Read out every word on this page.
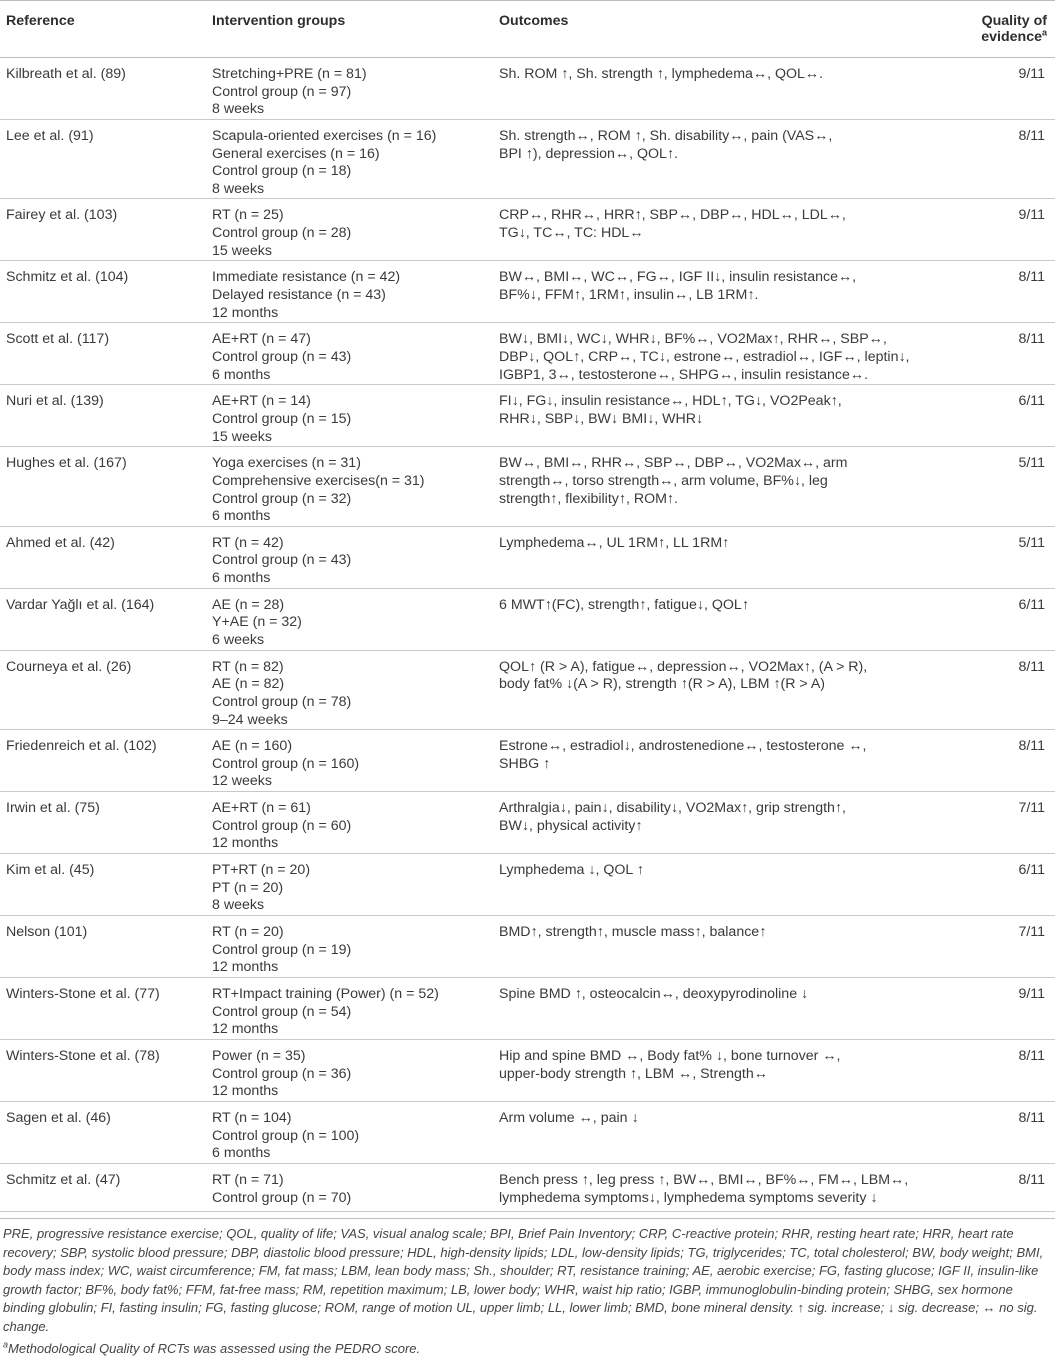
Reference	Intervention groups	Outcomes	Quality of
evidence$^a$

Kilbreath et al. (89)	Stretching+PRE (n = 81)
Control group (n = 97)
8 weeks	Sh. ROM ↑, Sh. strength ↑, lymphedema↔, QOL↔.	9/11
Lee et al. (91)	Scapula-oriented exercises (n = 16)
General exercises (n = 16)
Control group (n = 18)
8 weeks	Sh. strength↔, ROM ↑, Sh. disability↔, pain (VAS↔,
BPI ↑), depression↔, QOL↑.	8/11
Fairey et al. (103)	RT (n = 25)
Control group (n = 28)
15 weeks	CRP↔, RHR↔, HRR↑, SBP↔, DBP↔, HDL↔, LDL↔,
TG↓, TC↔, TC: HDL↔	9/11
Schmitz et al. (104)	Immediate resistance (n = 42)
Delayed resistance (n = 43)
12 months	BW↔, BMI↔, WC↔, FG↔, IGF II↓, insulin resistance↔,
BF%↓, FFM↑, 1RM↑, insulin↔, LB 1RM↑.	8/11
Scott et al. (117)	AE+RT (n = 47)
Control group (n = 43)
6 months	BW↓, BMI↓, WC↓, WHR↓, BF%↔, VO2Max↑, RHR↔, SBP↔,
DBP↓, QOL↑, CRP↔, TC↓, estrone↔, estradiol↔, IGF↔, leptin↓,
IGBP1, 3↔, testosterone↔, SHPG↔, insulin resistance↔.	8/11
Nuri et al. (139)	AE+RT (n = 14)
Control group (n = 15)
15 weeks	FI↓, FG↓, insulin resistance↔, HDL↑, TG↓, VO2Peak↑,
RHR↓, SBP↓, BW↓ BMI↓, WHR↓	6/11
Hughes et al. (167)	Yoga exercises (n = 31)
Comprehensive exercises(n = 31)
Control group (n = 32)
6 months	BW↔, BMI↔, RHR↔, SBP↔, DBP↔, VO2Max↔, arm
strength↔, torso strength↔, arm volume, BF%↓, leg
strength↑, flexibility↑, ROM↑.	5/11
Ahmed et al. (42)	RT (n = 42)
Control group (n = 43)
6 months	Lymphedema↔, UL 1RM↑, LL 1RM↑	5/11
Vardar Yağlı et al. (164)	AE (n = 28)
Y+AE (n = 32)
6 weeks	6 MWT↑(FC), strength↑, fatigue↓, QOL↑	6/11
Courneya et al. (26)	RT (n = 82)
AE (n = 82)
Control group (n = 78)
9–24 weeks	QOL↑ (R > A), fatigue↔, depression↔, VO2Max↑, (A > R),
body fat% ↓(A > R), strength ↑(R > A), LBM ↑(R > A)	8/11
Friedenreich et al. (102)	AE (n = 160)
Control group (n = 160)
12 weeks	Estrone↔, estradiol↓, androstenedione↔, testosterone ↔,
SHBG ↑	8/11
Irwin et al. (75)	AE+RT (n = 61)
Control group (n = 60)
12 months	Arthralgia↓, pain↓, disability↓, VO2Max↑, grip strength↑,
BW↓, physical activity↑	7/11
Kim et al. (45)	PT+RT (n = 20)
PT (n = 20)
8 weeks	Lymphedema ↓, QOL ↑	6/11
Nelson (101)	RT (n = 20)
Control group (n = 19)
12 months	BMD↑, strength↑, muscle mass↑, balance↑	7/11
Winters-Stone et al. (77)	RT+Impact training (Power) (n = 52)
Control group (n = 54)
12 months	Spine BMD ↑, osteocalcin↔, deoxypyrodinoline ↓	9/11
Winters-Stone et al. (78)	Power (n = 35)
Control group (n = 36)
12 months	Hip and spine BMD ↔, Body fat% ↓, bone turnover ↔,
upper-body strength ↑, LBM ↔, Strength↔	8/11
Sagen et al. (46)	RT (n = 104)
Control group (n = 100)
6 months	Arm volume ↔, pain ↓	8/11
Schmitz et al. (47)	RT (n = 71)
Control group (n = 70)	Bench press ↑, leg press ↑, BW↔, BMI↔, BF%↔, FM↔, LBM↔,
lymphedema symptoms↓, lymphedema symptoms severity ↓	8/11

PRE, progressive resistance exercise; QOL, quality of life; VAS, visual analog scale; BPI, Brief Pain Inventory; CRP, C-reactive protein; RHR, resting heart rate; HRR, heart rate recovery; SBP, systolic blood pressure; DBP, diastolic blood pressure; HDL, high-density lipids; LDL, low-density lipids; TG, triglycerides; TC, total cholesterol; BW, body weight; BMI, body mass index; WC, waist circumference; FM, fat mass; LBM, lean body mass; Sh., shoulder; RT, resistance training; AE, aerobic exercise; FG, fasting glucose; IGF II, insulin-like growth factor; BF%, body fat%; FFM, fat-free mass; RM, repetition maximum; LB, lower body; WHR, waist hip ratio; IGBP, immunoglobulin-binding protein; SHBG, sex hormone binding globulin; FI, fasting insulin; FG, fasting glucose; ROM, range of motion UL, upper limb; LL, lower limb; BMD, bone mineral density. ↑ sig. increase; ↓ sig. decrease; ↔ no sig. change.

$^a$Methodological Quality of RCTs was assessed using the PEDRO score.
